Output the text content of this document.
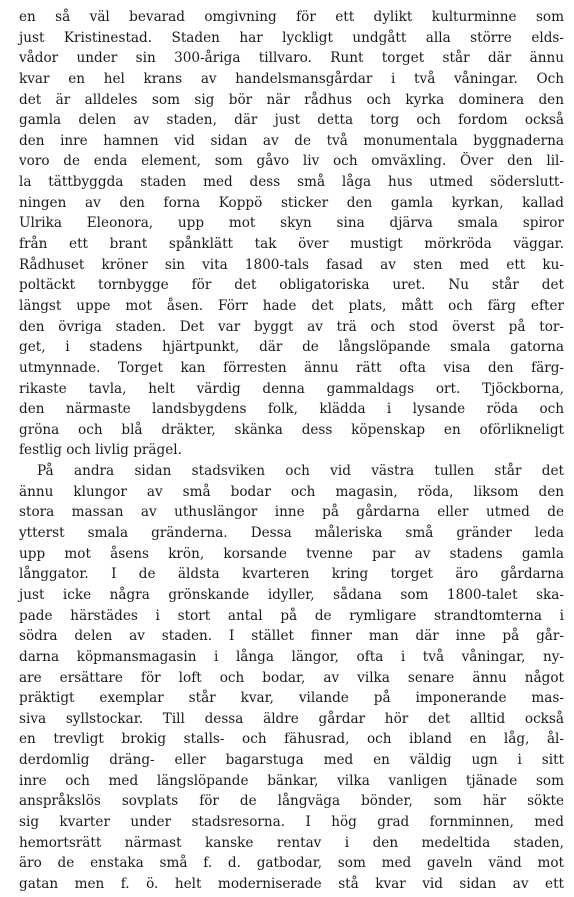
en så väl bevarad omgivning för ett dylikt kulturminne som
just Kristinestad. Staden har lyckligt undgått alla större elds-
vådor under sin 300-åriga tillvaro. Runt torget står där ännu
kvar en hel krans av handelsmansgårdar i två våningar. Och
det är alldeles som sig bör när rådhus och kyrka dominera den
gamla delen av staden, där just detta torg och fordom också
den inre hamnen vid sidan av de två monumentala byggnaderna
voro de enda element, som gåvo liv och omväxling. Över den lil-
la tättbyggda staden med dess små låga hus utmed söderslutt-
ningen av den forna Koppö sticker den gamla kyrkan, kallad
Ulrika Eleonora, upp mot skyn sina djärva smala spiror
från ett brant spånklätt tak över mustigt mörkröda väggar.
Rådhuset kröner sin vita 1800-tals fasad av sten med ett ku-
poltäckt tornbygge för det obligatoriska uret. Nu står det
längst uppe mot åsen. Förr hade det plats, mått och färg efter
den övriga staden. Det var byggt av trä och stod överst på tor-
get, i stadens hjärtpunkt, där de långslöpande smala gatorna
utmynnade. Torget kan förresten ännu rätt ofta visa den färg-
rikaste tavla, helt värdig denna gammaldags ort. Tjöckborna,
den närmaste landsbygdens folk, klädda i lysande röda och
gröna och blå dräkter, skänka dess köpenskap en oförlikneligt
festlig och livlig prägel.
På andra sidan stadsviken och vid västra tullen står det
ännu klungor av små bodar och magasin, röda, liksom den
stora massan av uthuslängor inne på gårdarna eller utmed de
ytterst smala gränderna. Dessa måleriska små gränder leda
upp mot åsens krön, korsande tvenne par av stadens gamla
långgator. I de äldsta kvarteren kring torget äro gårdarna
just icke några grönskande idyller, sådana som 1800-talet ska-
pade härstädes i stort antal på de rymligare strandtomterna i
södra delen av staden. I stället finner man där inne på går-
darna köpmansmagasin i långa längor, ofta i två våningar, ny-
are ersättare för loft och bodar, av vilka senare ännu något
präktigt exemplar står kvar, vilande på imponerande mas-
siva syllstockar. Till dessa äldre gårdar hör det alltid också
en trevligt brokig stalls- och fähusrad, och ibland en låg, ål-
derdomlig dräng- eller bagarstuga med en väldig ugn i sitt
inre och med längslöpande bänkar, vilka vanligen tjänade som
anspråkslös sovplats för de långväga bönder, som här sökte
sig kvarter under stadsresorna. I hög grad fornminnen, med
hemortsrätt närmast kanske rentav i den medeltida staden,
äro de enstaka små f. d. gatbodar, som med gaveln vänd mot
gatan men f. ö. helt moderniserade stå kvar vid sidan av ett
